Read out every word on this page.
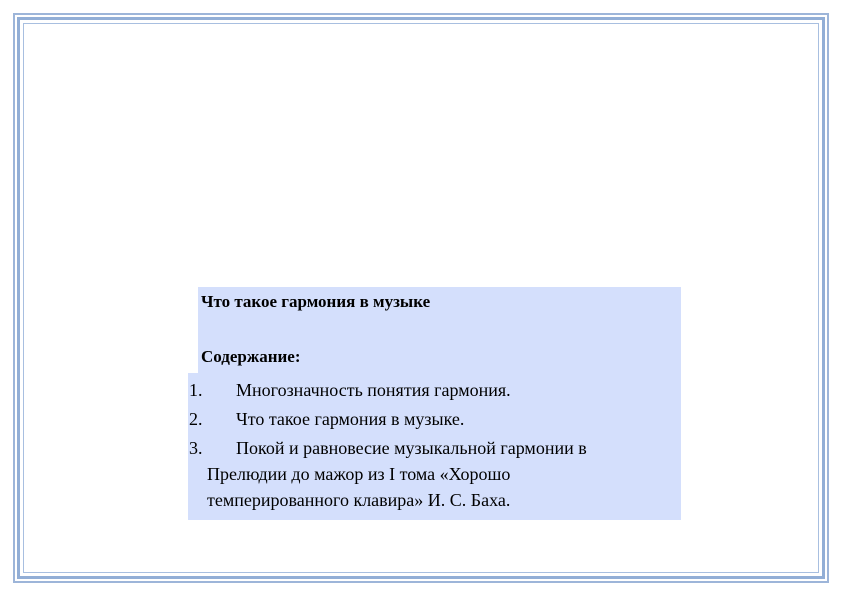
Что такое гармония в музыке
Содержание:
1. Многозначность понятия гармония.
2. Что такое гармония в музыке.
3. Покой и равновесие музыкальной гармонии в
Прелюдии до мажор из I тома «Хорошо
темперированного клавира» И. С. Баха.
